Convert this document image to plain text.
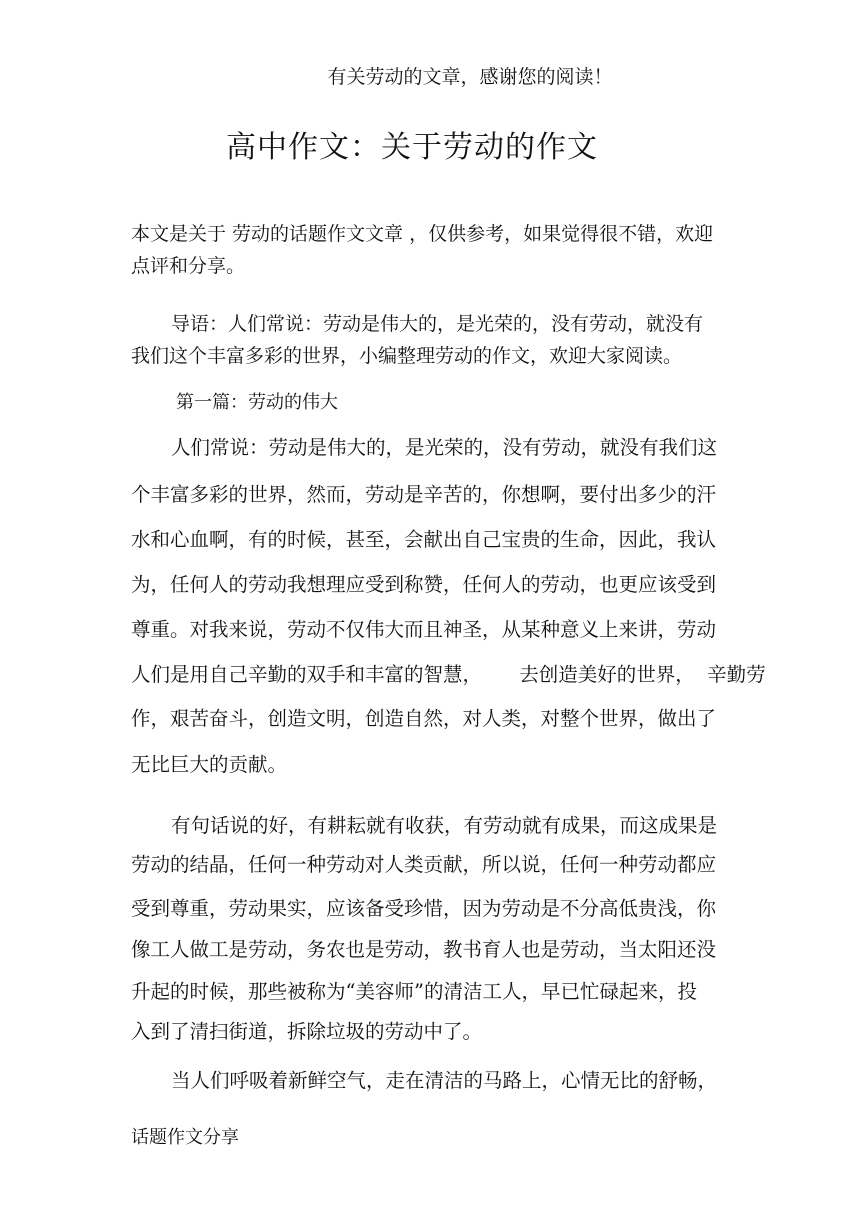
有关劳动的文章，感谢您的阅读！

高中作文：关于劳动的作文

本文是关于 劳动的话题作文文章 ，仅供参考，如果觉得很不错，欢迎

点评和分享。

导语：人们常说：劳动是伟大的，是光荣的，没有劳动，就没有

我们这个丰富多彩的世界，小编整理劳动的作文，欢迎大家阅读。

第一篇：劳动的伟大

人们常说：劳动是伟大的，是光荣的，没有劳动，就没有我们这

个丰富多彩的世界，然而，劳动是辛苦的，你想啊，要付出多少的汗

水和心血啊，有的时候，甚至，会献出自己宝贵的生命，因此，我认

为，任何人的劳动我想理应受到称赞，任何人的劳动，也更应该受到

尊重。对我来说，劳动不仅伟大而且神圣，从某种意义上来讲，劳动

人们是用自己辛勤的双手和丰富的智慧，      去创造美好的世界，  辛勤劳

作，艰苦奋斗，创造文明，创造自然，对人类，对整个世界，做出了

无比巨大的贡献。

有句话说的好，有耕耘就有收获，有劳动就有成果，而这成果是

劳动的结晶，任何一种劳动对人类贡献，所以说，任何一种劳动都应

受到尊重，劳动果实，应该备受珍惜，因为劳动是不分高低贵浅，你

像工人做工是劳动，务农也是劳动，教书育人也是劳动，当太阳还没

升起的时候，那些被称为“美容师”的清洁工人，早已忙碌起来，投

入到了清扫街道，拆除垃圾的劳动中了。

当人们呼吸着新鲜空气，走在清洁的马路上，心情无比的舒畅，

话题作文分享
